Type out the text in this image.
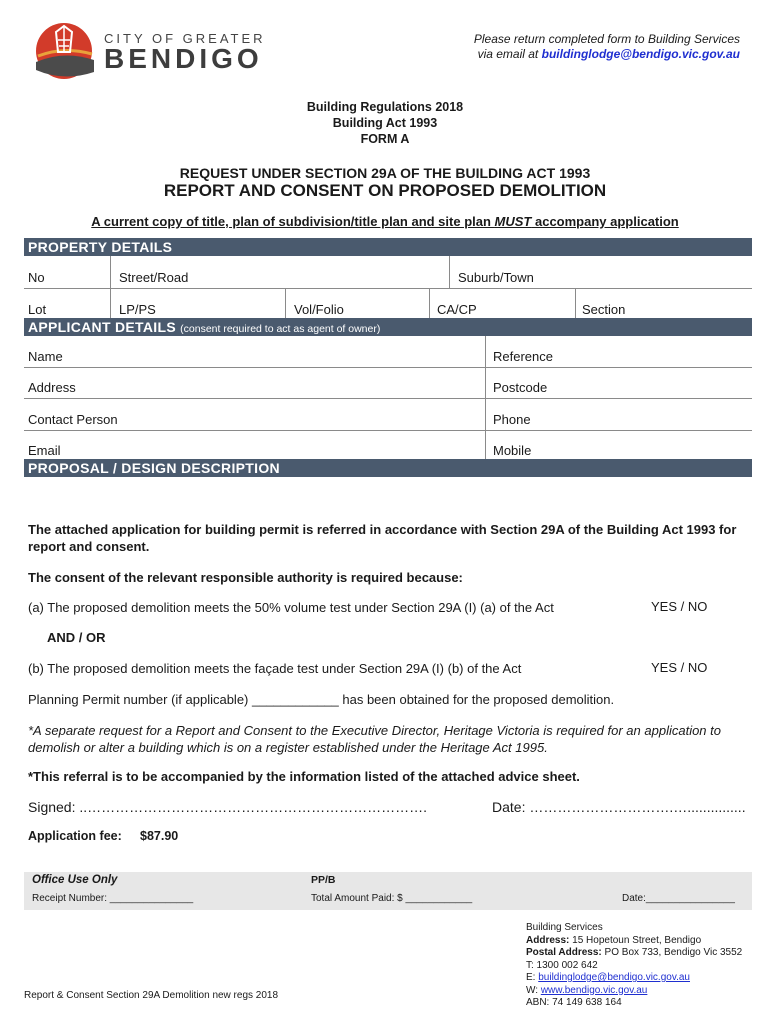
CITY OF GREATER
BENDIGO
Please return completed form to Building Services
via email at buildinglodge@bendigo.vic.gov.au
Building Regulations 2018
Building Act 1993
FORM A
REQUEST UNDER SECTION 29A OF THE BUILDING ACT 1993
REPORT AND CONSENT ON PROPOSED DEMOLITION
A current copy of title, plan of subdivision/title plan and site plan MUST accompany application
PROPERTY DETAILS
No	Street/Road	Suburb/Town
Lot	LP/PS	Vol/Folio	CA/CP	Section
APPLICANT DETAILS (consent required to act as agent of owner)
Name	Reference
Address	Postcode
Contact Person	Phone
Email	Mobile
PROPOSAL / DESIGN DESCRIPTION
The attached application for building permit is referred in accordance with Section 29A of the Building Act 1993 for report and consent.
The consent of the relevant responsible authority is required because:
(a) The proposed demolition meets the 50% volume test under Section 29A (I) (a) of the Act	YES / NO
AND / OR
(b) The proposed demolition meets the façade test under Section 29A (I) (b) of the Act	YES / NO
Planning Permit number (if applicable) ____________ has been obtained for the proposed demolition.
*A separate request for a Report and Consent to the Executive Director, Heritage Victoria is required for an application to demolish or alter a building which is on a register established under the Heritage Act 1995.
*This referral is to be accompanied by the information listed of the attached advice sheet.
Signed: ..……………………………………………………………….	Date: ………………………….…...............
Application fee: $87.90
Office Use Only
Receipt Number: _______________
PP/B
Total Amount Paid: $ ____________	Date:________________
Building Services
Address: 15 Hopetoun Street, Bendigo
Postal Address: PO Box 733, Bendigo Vic 3552
T: 1300 002 642
E: buildinglodge@bendigo.vic.gov.au
W: www.bendigo.vic.gov.au
ABN: 74 149 638 164
Report & Consent Section 29A Demolition new regs 2018
